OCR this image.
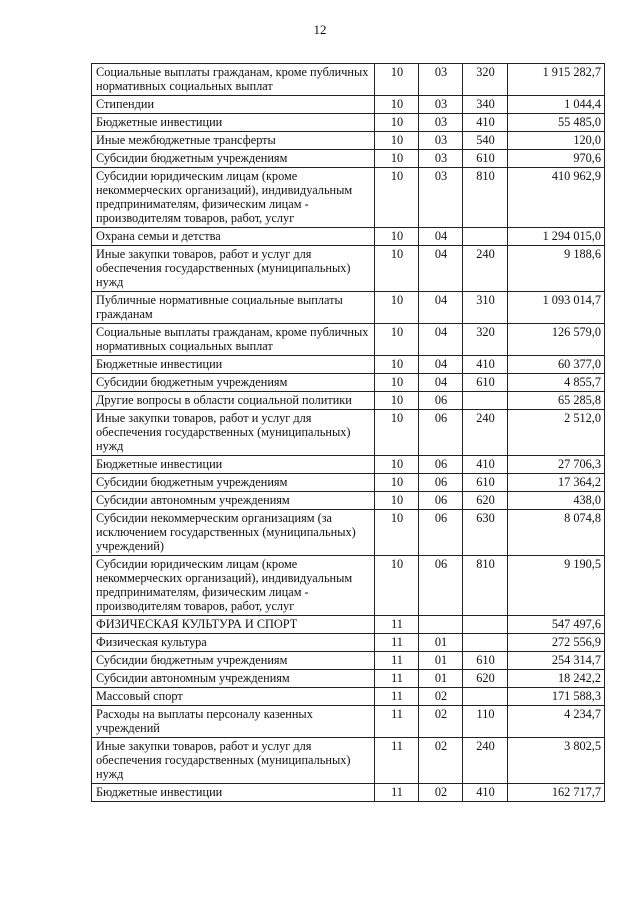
12
Социальные выплаты гражданам, кроме публичных нормативных социальных выплат	10	03	320	1 915 282,7
Стипендии	10	03	340	1 044,4
Бюджетные инвестиции	10	03	410	55 485,0
Иные межбюджетные трансферты	10	03	540	120,0
Субсидии бюджетным учреждениям	10	03	610	970,6
Субсидии юридическим лицам (кроме некоммерческих организаций), индивидуальным предпринимателям, физическим лицам - производителям товаров, работ, услуг	10	03	810	410 962,9
Охрана семьи и детства	10	04		1 294 015,0
Иные закупки товаров, работ и услуг для обеспечения государственных (муниципальных) нужд	10	04	240	9 188,6
Публичные нормативные социальные выплаты гражданам	10	04	310	1 093 014,7
Социальные выплаты гражданам, кроме публичных нормативных социальных выплат	10	04	320	126 579,0
Бюджетные инвестиции	10	04	410	60 377,0
Субсидии бюджетным учреждениям	10	04	610	4 855,7
Другие вопросы в области социальной политики	10	06		65 285,8
Иные закупки товаров, работ и услуг для обеспечения государственных (муниципальных) нужд	10	06	240	2 512,0
Бюджетные инвестиции	10	06	410	27 706,3
Субсидии бюджетным учреждениям	10	06	610	17 364,2
Субсидии автономным учреждениям	10	06	620	438,0
Субсидии некоммерческим организациям (за исключением государственных (муниципальных) учреждений)	10	06	630	8 074,8
Субсидии юридическим лицам (кроме некоммерческих организаций), индивидуальным предпринимателям, физическим лицам - производителям товаров, работ, услуг	10	06	810	9 190,5
ФИЗИЧЕСКАЯ КУЛЬТУРА И СПОРТ	11			547 497,6
Физическая культура	11	01		272 556,9
Субсидии бюджетным учреждениям	11	01	610	254 314,7
Субсидии автономным учреждениям	11	01	620	18 242,2
Массовый спорт	11	02		171 588,3
Расходы на выплаты персоналу казенных учреждений	11	02	110	4 234,7
Иные закупки товаров, работ и услуг для обеспечения государственных (муниципальных) нужд	11	02	240	3 802,5
Бюджетные инвестиции	11	02	410	162 717,7
